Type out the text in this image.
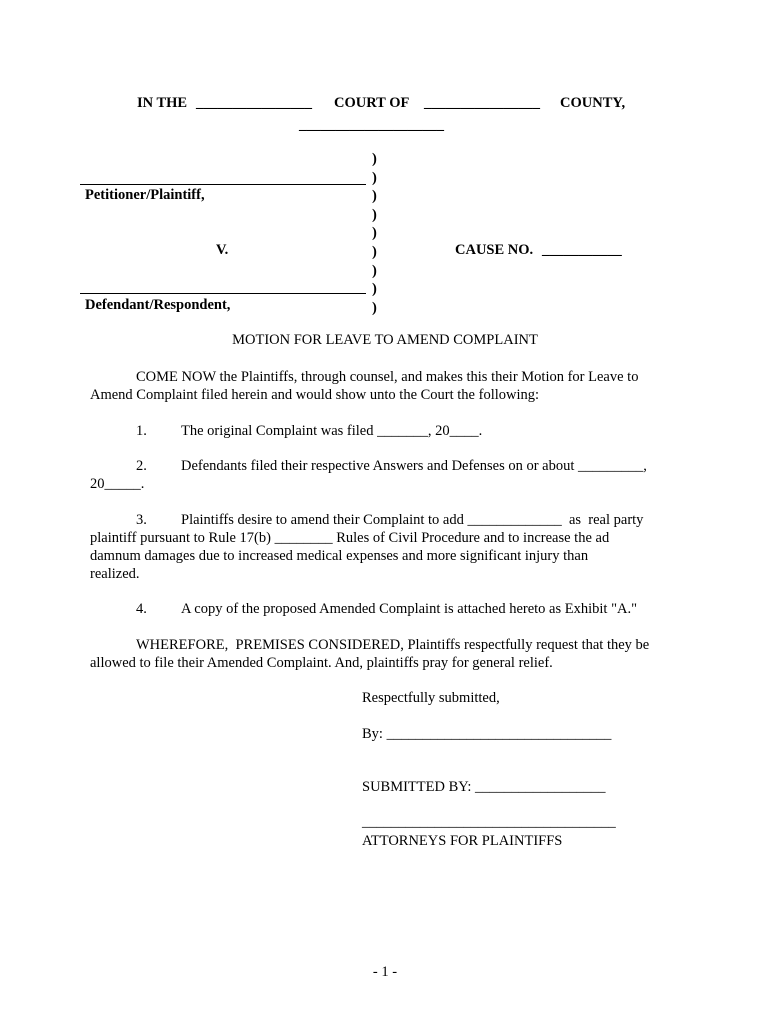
IN THE ________________ COURT OF ________________ COUNTY,
____________________
Petitioner/Plaintiff,
V.
Defendant/Respondent,
)
)
)
)
)
)
)
)
)
CAUSE NO. ___________
MOTION FOR LEAVE TO AMEND COMPLAINT
COME NOW the Plaintiffs, through counsel, and makes this their Motion for Leave to
Amend Complaint filed herein and would show unto the Court the following:
1. The original Complaint was filed _______, 20____.
2. Defendants filed their respective Answers and Defenses on or about _________,
20_____.
3. Plaintiffs desire to amend their Complaint to add _____________  as  real party
plaintiff pursuant to Rule 17(b) ________ Rules of Civil Procedure and to increase the ad
damnum damages due to increased medical expenses and more significant injury than
realized.
4. A copy of the proposed Amended Complaint is attached hereto as Exhibit "A."
WHEREFORE,  PREMISES CONSIDERED, Plaintiffs respectfully request that they be
allowed to file their Amended Complaint. And, plaintiffs pray for general relief.
Respectfully submitted,
By: _______________________________
SUBMITTED BY: __________________
___________________________________
ATTORNEYS FOR PLAINTIFFS
- 1 -
